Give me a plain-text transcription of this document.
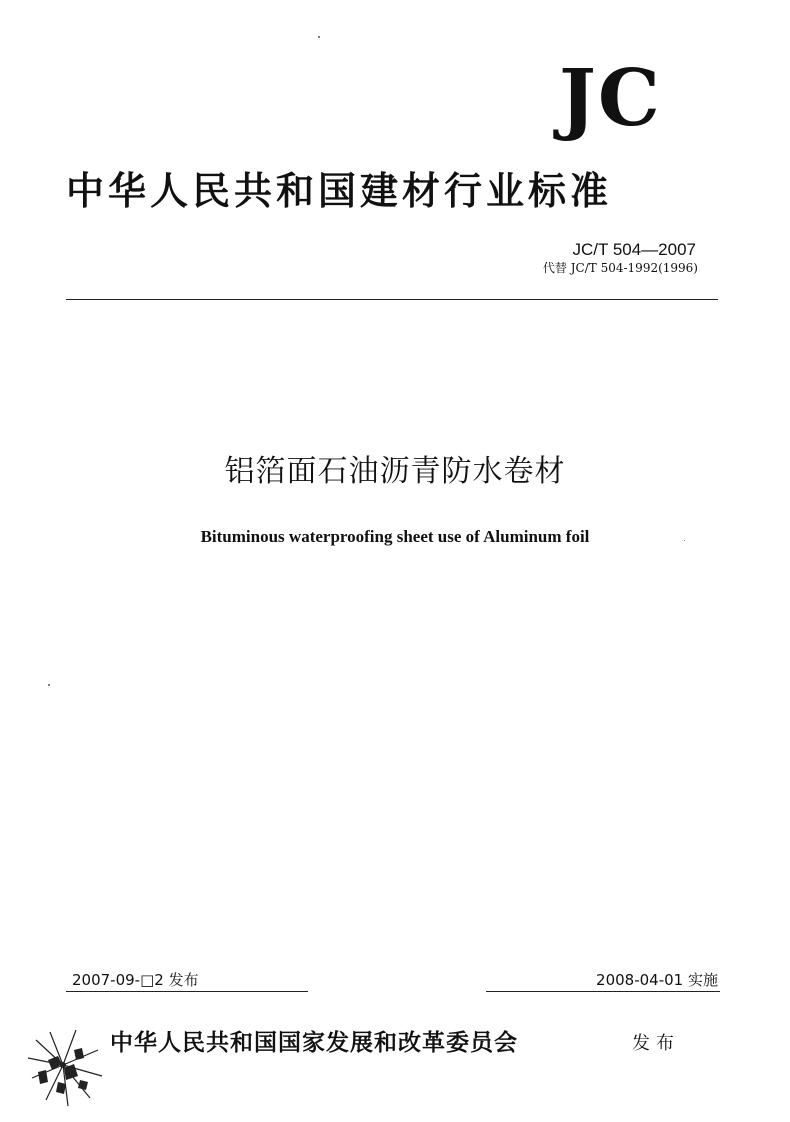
JC
中华人民共和国建材行业标准
JC/T 504—2007
代替 JC/T 504-1992(1996)
铝箔面石油沥青防水卷材
Bituminous waterproofing sheet use of Aluminum foil
2007-09-□2 发布	2008-04-01 实施
中华人民共和国国家发展和改革委员会	发布
